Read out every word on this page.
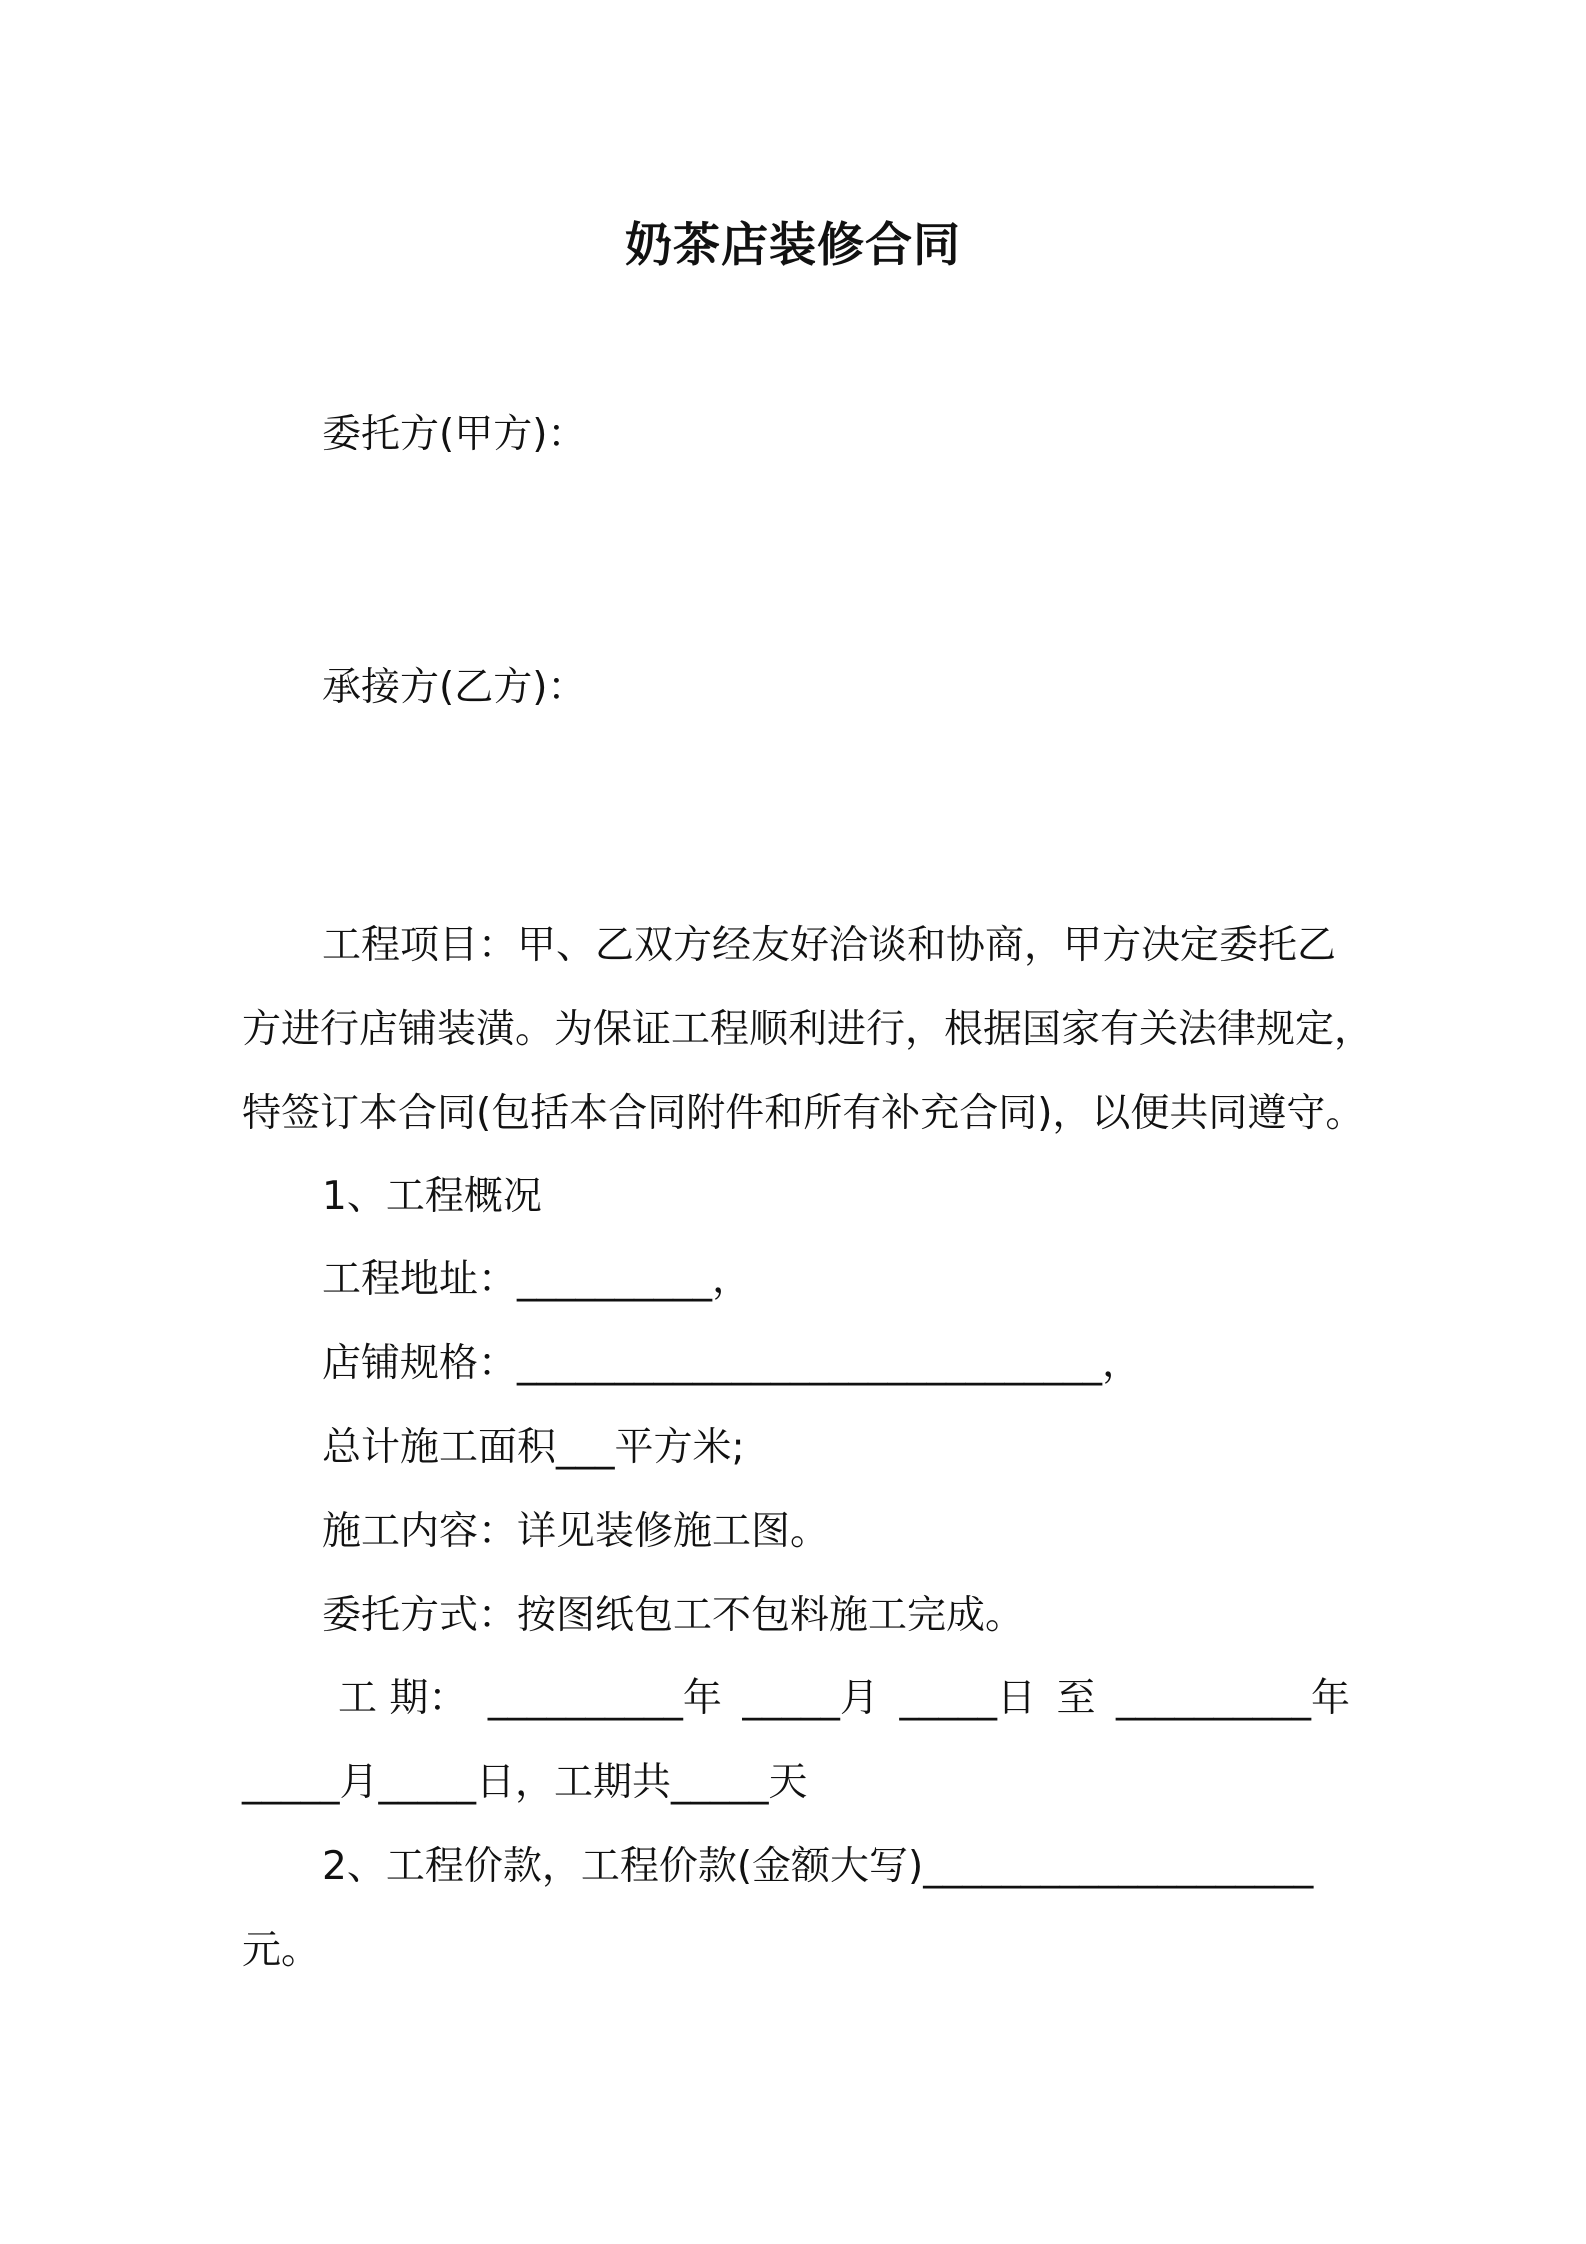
奶茶店装修合同
委托方(甲方)：
承接方(乙方)：
工程项目：甲、乙双方经友好洽谈和协商，甲方决定委托乙
方进行店铺装潢。为保证工程顺利进行，根据国家有关法律规定，
特签订本合同(包括本合同附件和所有补充合同)，以便共同遵守。
1、工程概况
工程地址：__________，
店铺规格：______________________________，
总计施工面积___平方米;
施工内容：详见装修施工图。
委托方式：按图纸包工不包料施工完成。
工 期： __________年 _____月 _____日 至 __________年
_____月_____日，工期共_____天
2、工程价款，工程价款(金额大写)____________________
元。
